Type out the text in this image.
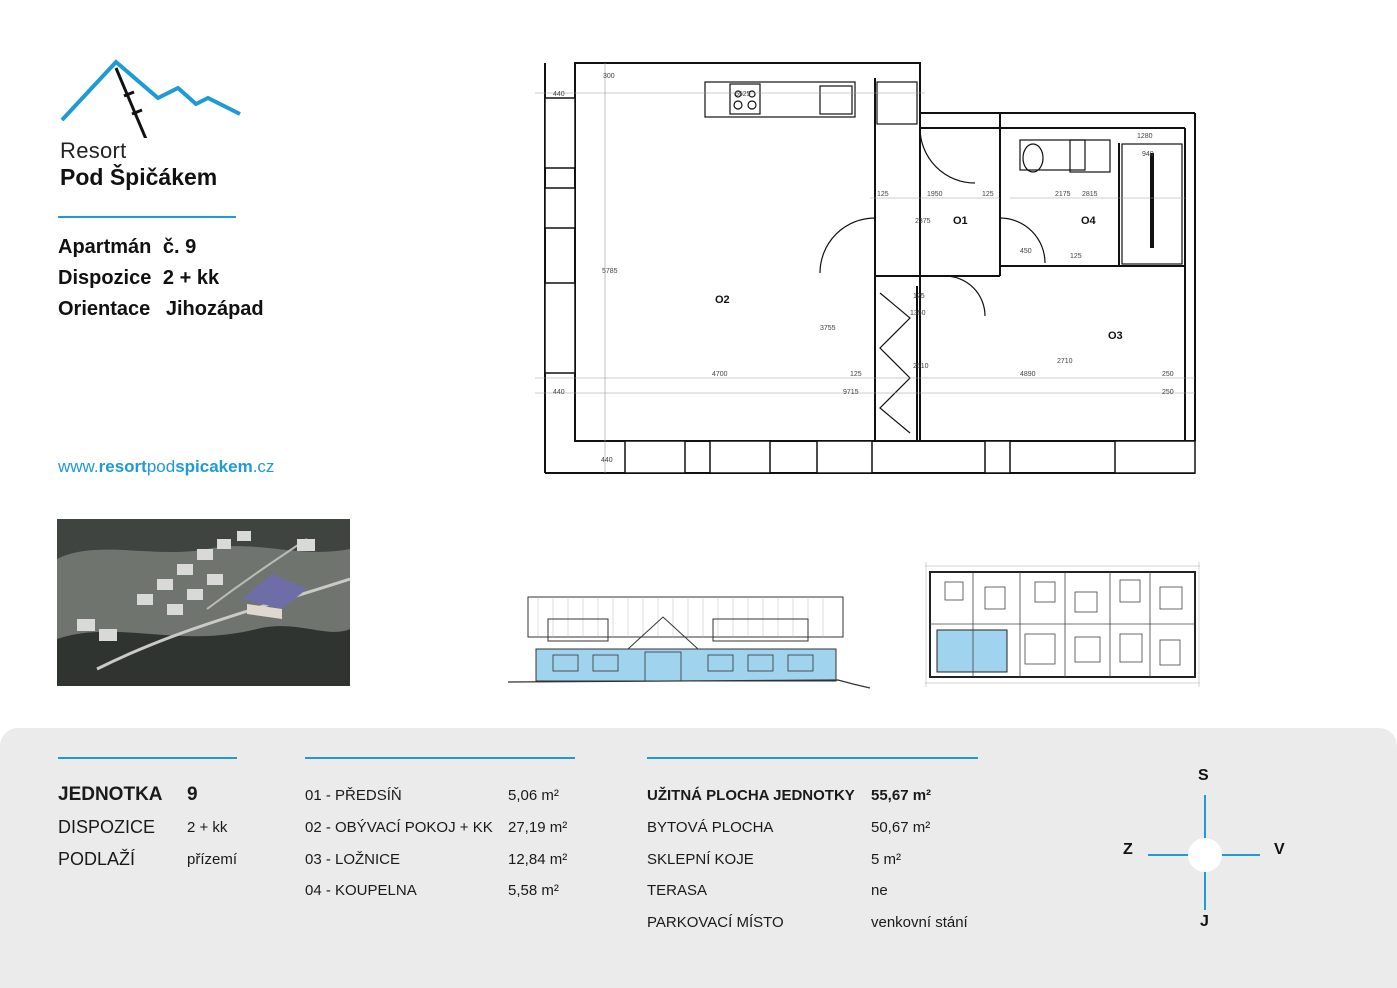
Resort
Pod Špičákem
Apartmán č. 9
Dispozice 2 + kk
Orientace Jihozápad
www.resortpodspicakem.cz
440
300
6525
125	1950	125	2175 2815
940
1280
2375
450
125
5785
125
1350
3755
2510
2710
4700	125	4890	250
440	9715	250
440
O1
O2
O3
O4
JEDNOTKA 9
DISPOZICE 2 + kk
PODLAŽÍ	přízemí
01 - PŘEDSÍŇ	5,06 m²
02 - OBÝVACÍ POKOJ + KK 27,19 m²
03 - LOŽNICE	12,84 m²
04 - KOUPELNA	5,58 m²
UŽITNÁ PLOCHA JEDNOTKY 55,67 m²
BYTOVÁ PLOCHA	50,67 m²
SKLEPNÍ KOJE	5 m²
TERASA	ne
PARKOVACÍ MÍSTO	venkovní stání
S
J
Z	V
